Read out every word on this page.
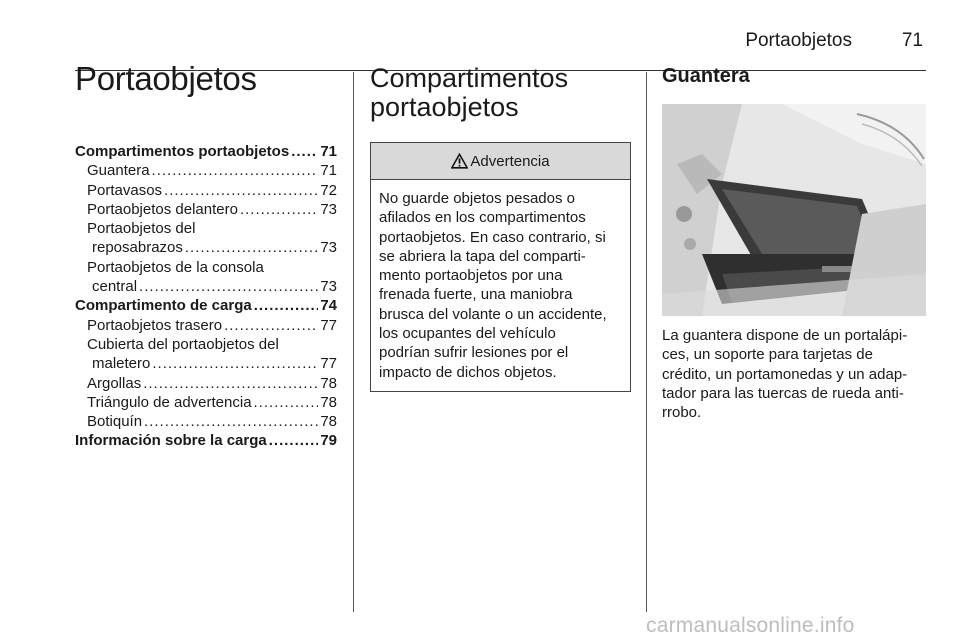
Portaobjetos	71
Portaobjetos
Compartimentos portaobjetos ..... 71
Guantera .....	71
Portavasos .....	72
Portaobjetos delantero .....	73
Portaobjetos del
reposabrazos .....	73
Portaobjetos de la consola
central .....	73
Compartimento de carga .....	74
Portaobjetos trasero .....	77
Cubierta del portaobjetos del
maletero .....	77
Argollas .....	78
Triángulo de advertencia .....	78
Botiquín .....	78
Información sobre la carga .....	79
Compartimentos
portaobjetos
Advertencia
No guarde objetos pesados o
afilados en los compartimentos
portaobjetos. En caso contrario, si
se abriera la tapa del comparti-
mento portaobjetos por una
frenada fuerte, una maniobra
brusca del volante o un accidente,
los ocupantes del vehículo
podrían sufrir lesiones por el
impacto de dichos objetos.
Guantera
La guantera dispone de un portalápi-
ces, un soporte para tarjetas de
crédito, un portamonedas y un adap-
tador para las tuercas de rueda anti-
rrobo.
carmanualsonline.info
